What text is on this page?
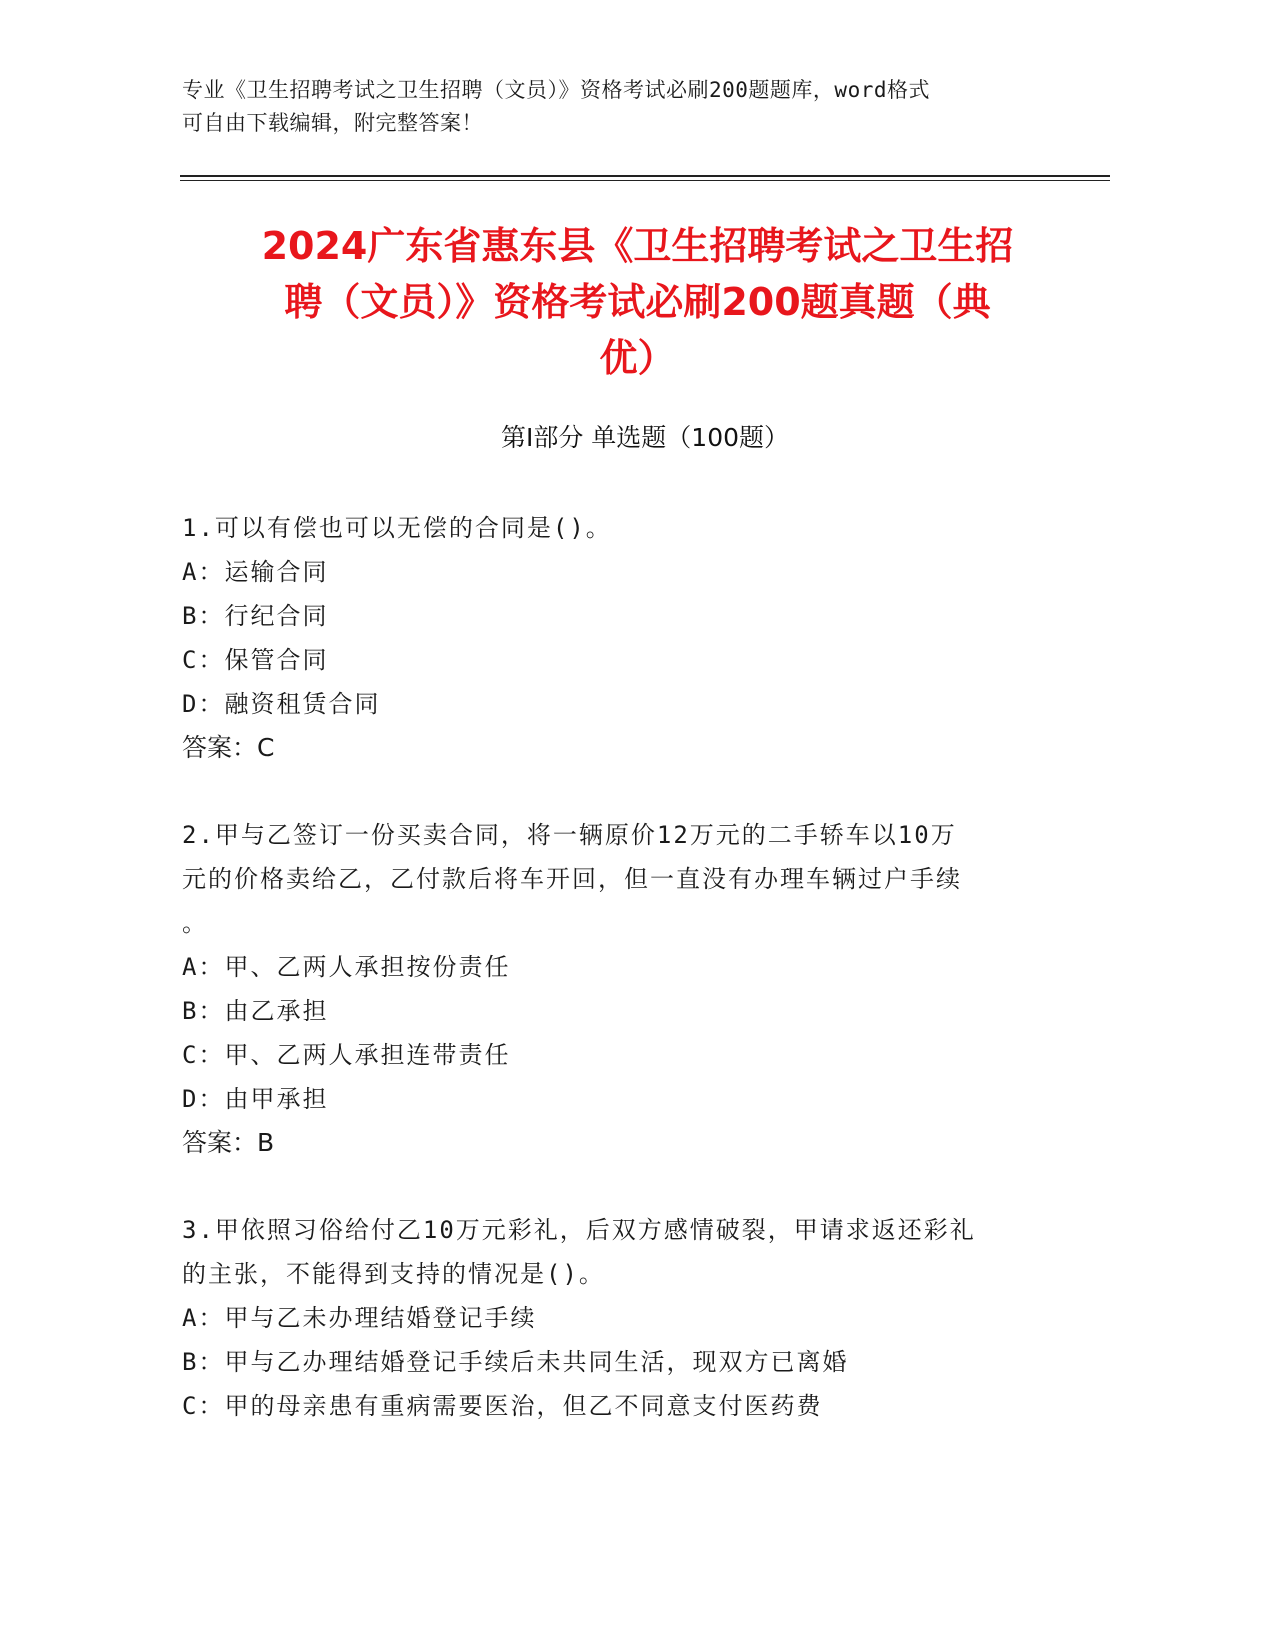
专业《卫生招聘考试之卫生招聘（文员）》资格考试必刷200题题库，word格式
可自由下载编辑，附完整答案！
2024广东省惠东县《卫生招聘考试之卫生招
聘（文员）》资格考试必刷200题真题（典
优）
第Ⅰ部分 单选题（100题）
1.可以有偿也可以无偿的合同是()。
A：运输合同
B：行纪合同
C：保管合同
D：融资租赁合同
答案：C
2.甲与乙签订一份买卖合同，将一辆原价12万元的二手轿车以10万
元的价格卖给乙，乙付款后将车开回，但一直没有办理车辆过户手续
。
A：甲、乙两人承担按份责任
B：由乙承担
C：甲、乙两人承担连带责任
D：由甲承担
答案：B
3.甲依照习俗给付乙10万元彩礼，后双方感情破裂，甲请求返还彩礼
的主张，不能得到支持的情况是()。
A：甲与乙未办理结婚登记手续
B：甲与乙办理结婚登记手续后未共同生活，现双方已离婚
C：甲的母亲患有重病需要医治，但乙不同意支付医药费
